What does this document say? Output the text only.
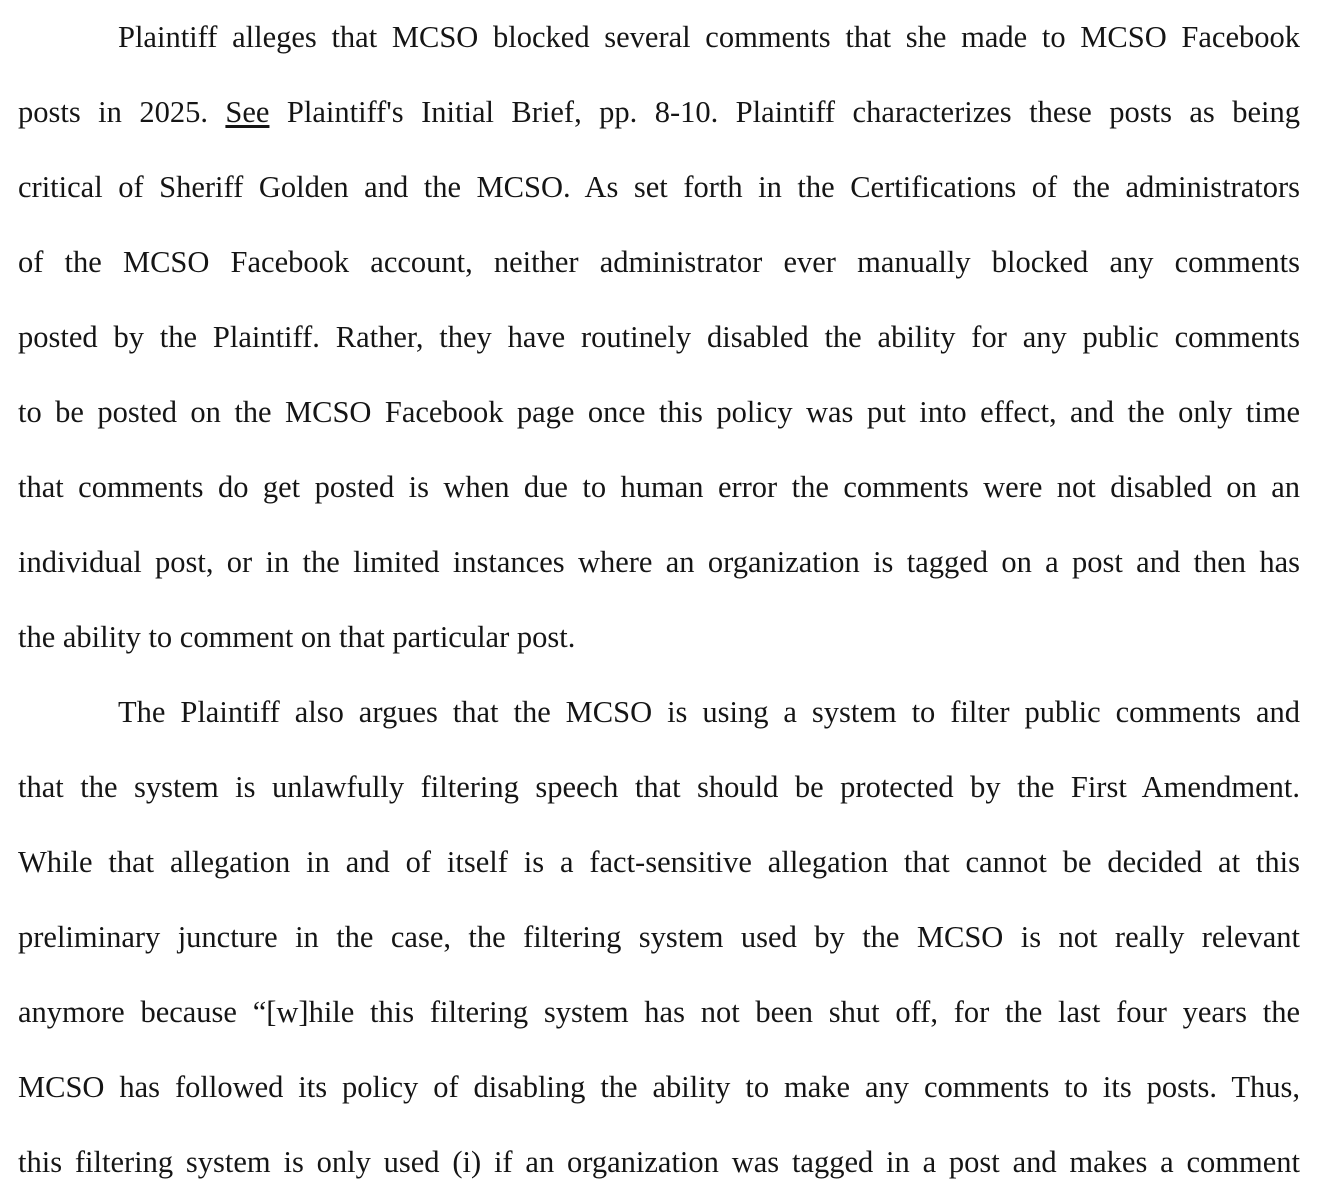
Plaintiff alleges that MCSO blocked several comments that she made to MCSO Facebook
posts in 2025. See Plaintiff's Initial Brief, pp. 8-10. Plaintiff characterizes these posts as being
critical of Sheriff Golden and the MCSO. As set forth in the Certifications of the administrators
of the MCSO Facebook account, neither administrator ever manually blocked any comments
posted by the Plaintiff. Rather, they have routinely disabled the ability for any public comments
to be posted on the MCSO Facebook page once this policy was put into effect, and the only time
that comments do get posted is when due to human error the comments were not disabled on an
individual post, or in the limited instances where an organization is tagged on a post and then has
the ability to comment on that particular post.
The Plaintiff also argues that the MCSO is using a system to filter public comments and
that the system is unlawfully filtering speech that should be protected by the First Amendment.
While that allegation in and of itself is a fact-sensitive allegation that cannot be decided at this
preliminary juncture in the case, the filtering system used by the MCSO is not really relevant
anymore because “[w]hile this filtering system has not been shut off, for the last four years the
MCSO has followed its policy of disabling the ability to make any comments to its posts. Thus,
this filtering system is only used (i) if an organization was tagged in a post and makes a comment
